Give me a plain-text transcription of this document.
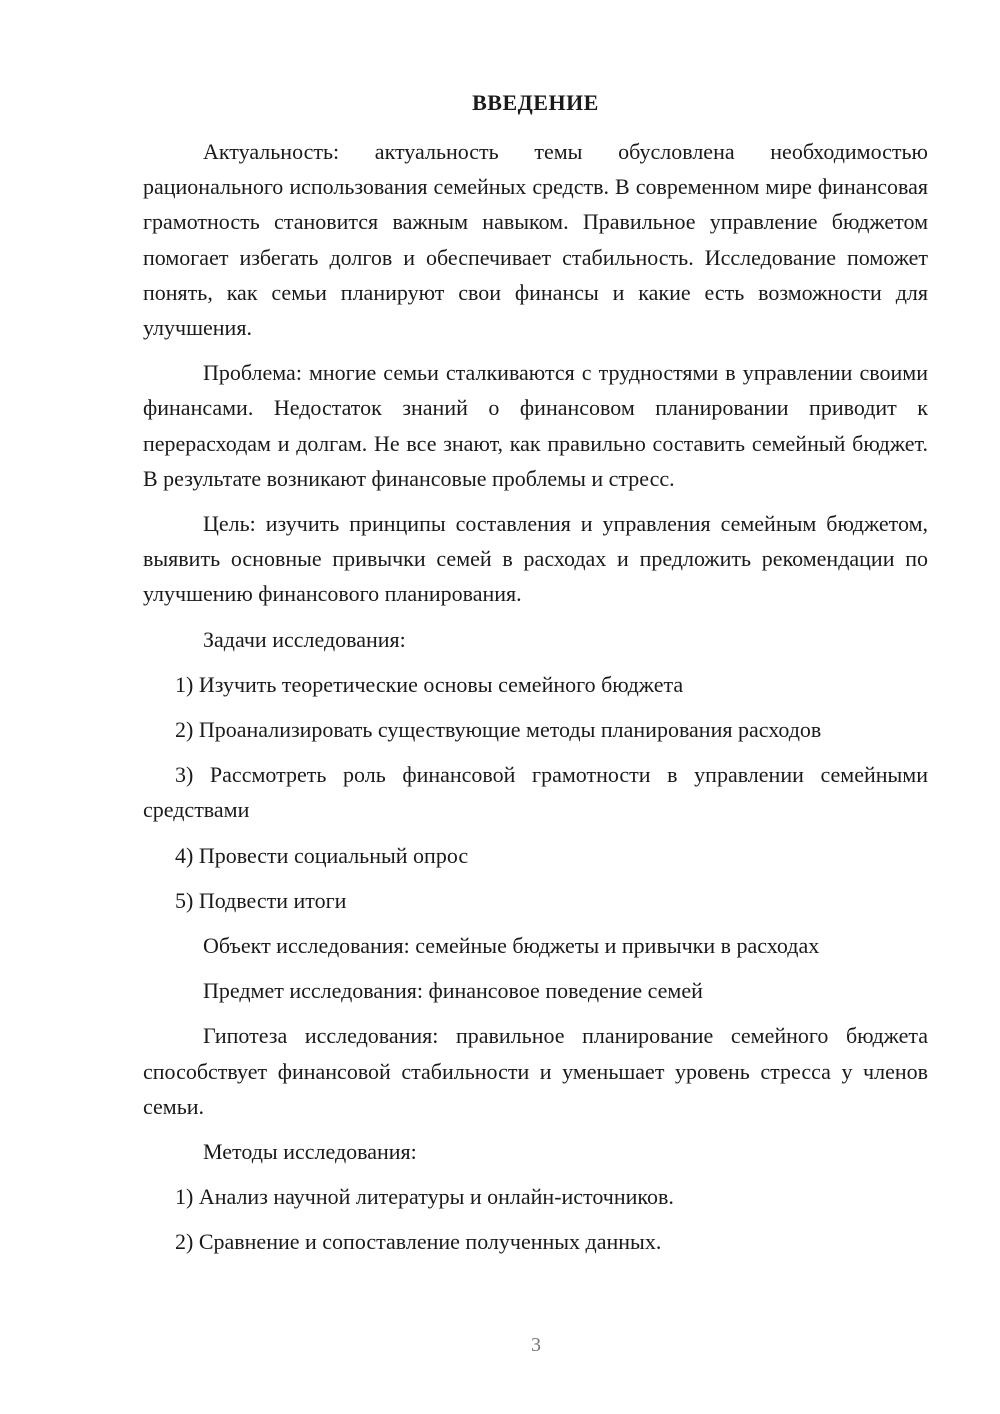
ВВЕДЕНИЕ

Актуальность: актуальность темы обусловлена необходимостью рационального использования семейных средств. В современном мире финансовая грамотность становится важным навыком. Правильное управление бюджетом помогает избегать долгов и обеспечивает стабильность. Исследование поможет понять, как семьи планируют свои финансы и какие есть возможности для улучшения.

Проблема: многие семьи сталкиваются с трудностями в управлении своими финансами. Недостаток знаний о финансовом планировании приводит к перерасходам и долгам. Не все знают, как правильно составить семейный бюджет. В результате возникают финансовые проблемы и стресс.

Цель: изучить принципы составления и управления семейным бюджетом, выявить основные привычки семей в расходах и предложить рекомендации по улучшению финансового планирования.

Задачи исследования:

1) Изучить теоретические основы семейного бюджета

2) Проанализировать существующие методы планирования расходов

3) Рассмотреть роль финансовой грамотности в управлении семейными средствами

4) Провести социальный опрос

5) Подвести итоги

Объект исследования: семейные бюджеты и привычки в расходах

Предмет исследования: финансовое поведение семей

Гипотеза исследования: правильное планирование семейного бюджета способствует финансовой стабильности и уменьшает уровень стресса у членов семьи.

Методы исследования:

1) Анализ научной литературы и онлайн-источников.

2) Сравнение и сопоставление полученных данных.

3
